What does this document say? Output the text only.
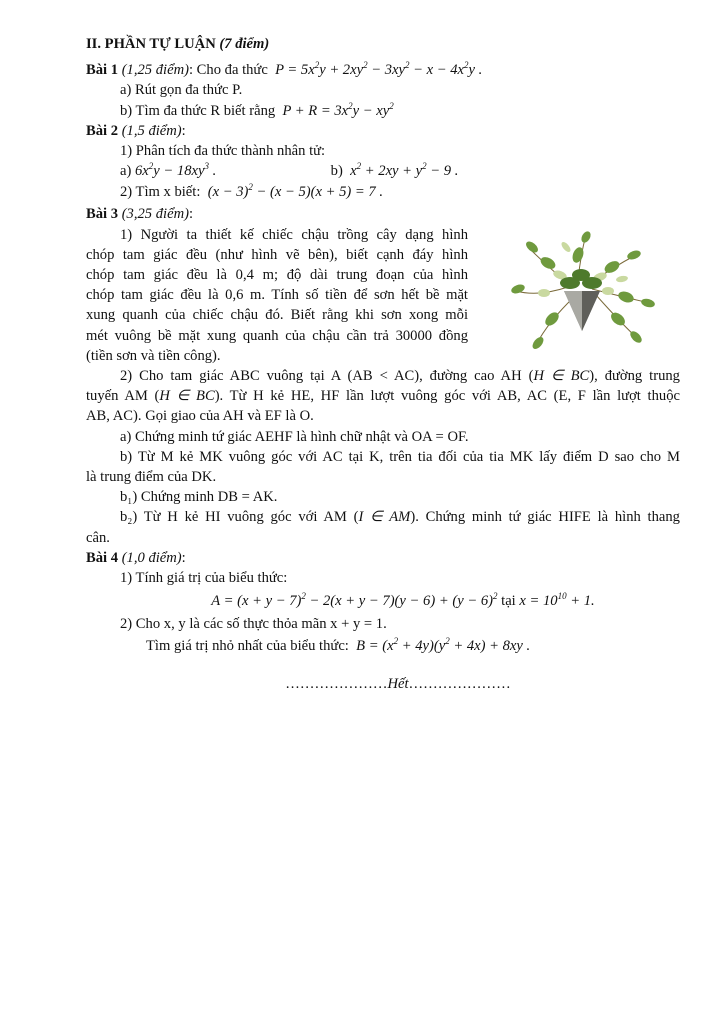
II. PHẦN TỰ LUẬN (7 điểm)
Bài 1 (1,25 điểm): Cho đa thức  $P = 5x^2y + 2xy^2 - 3xy^2 - x - 4x^2y$ .
a) Rút gọn đa thức P.
b) Tìm đa thức R biết rằng  $P + R = 3x^2y - xy^2$
Bài 2 (1,5 điểm):
1) Phân tích đa thức thành nhân tử:
a) $6x^2y - 18xy^3$ .	b)  $x^2 + 2xy + y^2 - 9$ .
2) Tìm x biết:  $(x - 3)^2 - (x - 5)(x + 5) = 7$ .
Bài 3 (3,25 điểm):
1) Người ta thiết kế chiếc chậu trồng cây dạng hình
chóp tam giác đều (như hình vẽ bên), biết cạnh đáy hình
chóp tam giác đều là 0,4 m; độ dài trung đoạn của hình
chóp tam giác đều là 0,6 m. Tính số tiền để sơn hết bề mặt
xung quanh của chiếc chậu đó. Biết rằng khi sơn xong mỗi
mét vuông bề mặt xung quanh của chậu cần trả 30000 đồng
(tiền sơn và tiền công).
2) Cho tam giác ABC vuông tại A (AB < AC), đường cao AH (H ∈ BC), đường trung
tuyến AM (H ∈ BC). Từ H kẻ HE, HF lần lượt vuông góc với AB, AC (E, F lần lượt thuộc
AB, AC). Gọi giao của AH và EF là O.
a) Chứng minh tứ giác AEHF là hình chữ nhật và OA = OF.
b) Từ M kẻ MK vuông góc với AC tại K, trên tia đối của tia MK lấy điểm D sao cho M
là trung điểm của DK.
b₁) Chứng minh DB = AK.
b₂) Từ H kẻ HI vuông góc với AM (I ∈ AM). Chứng minh tứ giác HIFE là hình thang
cân.
Bài 4 (1,0 điểm):
1) Tính giá trị của biểu thức:
$A = (x + y - 7)^2 - 2(x + y - 7)(y - 6) + (y - 6)^2$ tại $x = 10^{10} + 1$.
2) Cho x, y là các số thực thỏa mãn x + y = 1.
Tìm giá trị nhỏ nhất của biểu thức:  $B = (x^2 + 4y)(y^2 + 4x) + 8xy$ .
…………………Hết…………………
